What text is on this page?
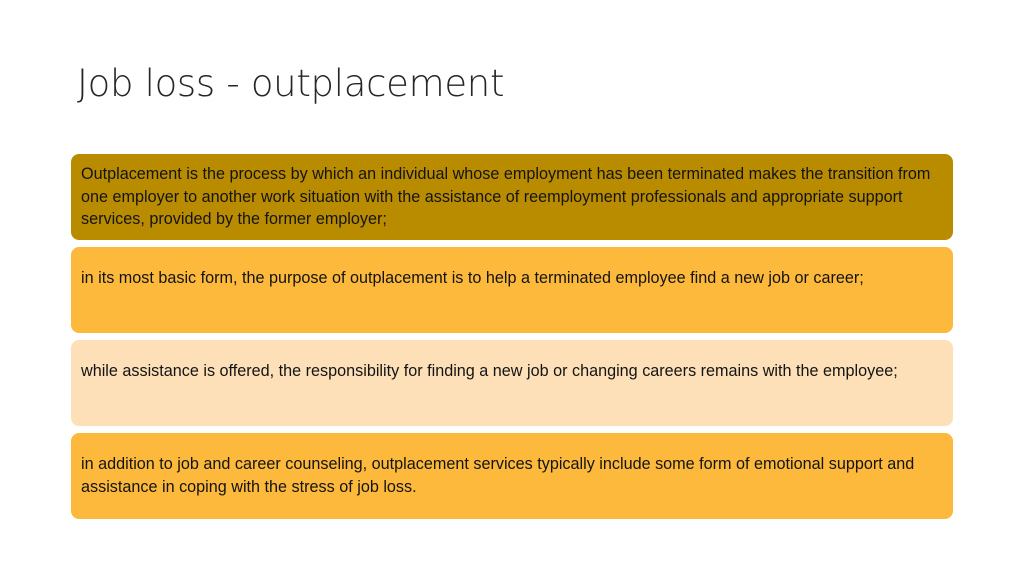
Job loss - outplacement
Outplacement is the process by which an individual whose employment has been terminated makes the transition from one employer to another work situation with the assistance of reemployment professionals and appropriate support services, provided by the former employer;
in its most basic form, the purpose of outplacement is to help a terminated employee find a new job or career;
while assistance is offered, the responsibility for finding a new job or changing careers remains with the employee;
in addition to job and career counseling, outplacement services typically include some form of emotional support and assistance in coping with the stress of job loss.
